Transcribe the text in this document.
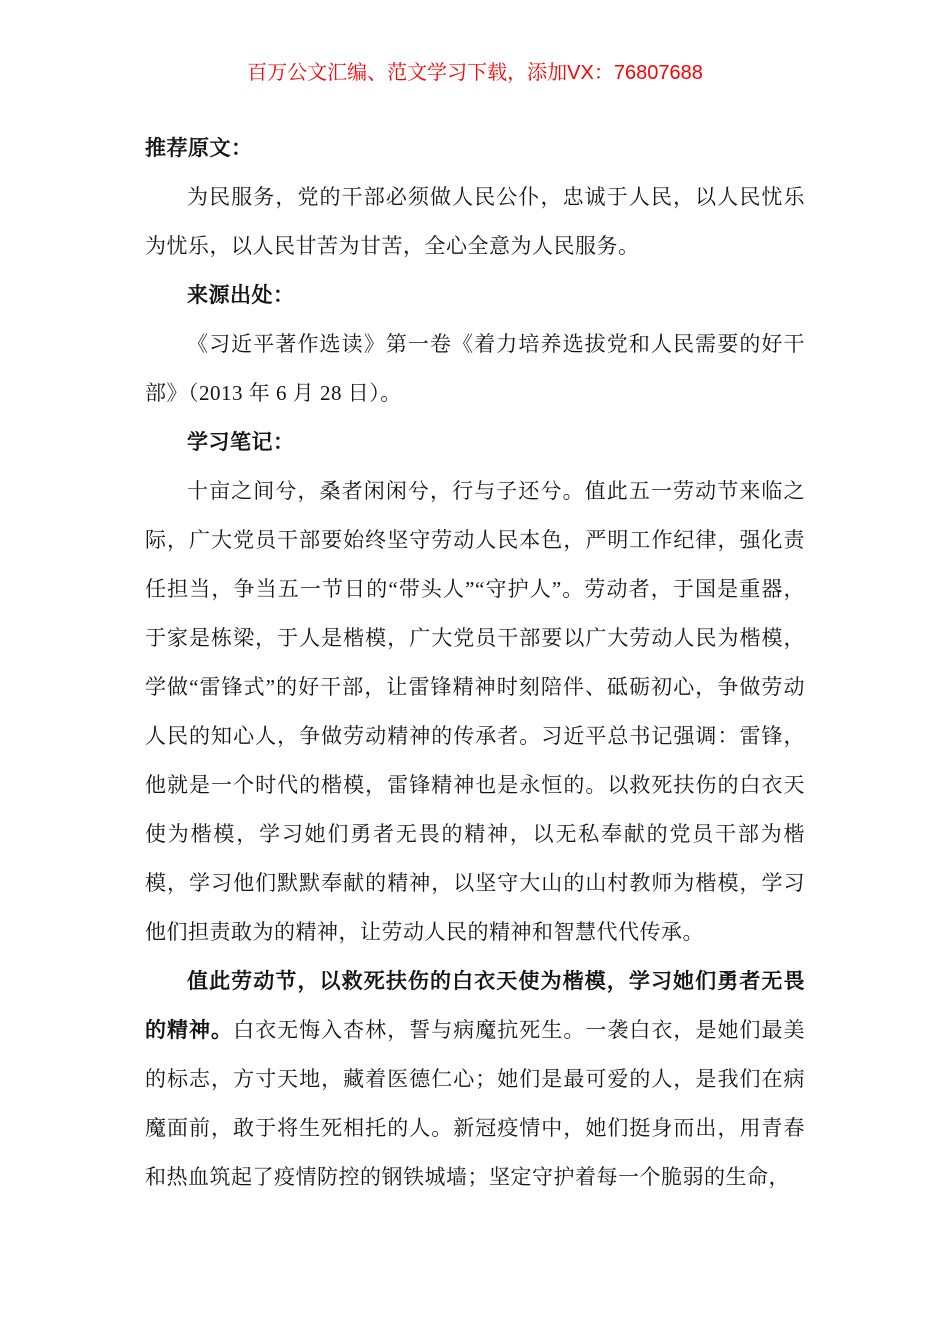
百万公文汇编、范文学习下载，添加VX：76807688

推荐原文：

为民服务，党的干部必须做人民公仆，忠诚于人民，以人民忧乐为忧乐，以人民甘苦为甘苦，全心全意为人民服务。

来源出处：

《习近平著作选读》第一卷《着力培养选拔党和人民需要的好干部》（2013 年 6 月 28 日）。

学习笔记：

十亩之间兮，桑者闲闲兮，行与子还兮。值此五一劳动节来临之际，广大党员干部要始终坚守劳动人民本色，严明工作纪律，强化责任担当，争当五一节日的“带头人”“守护人”。劳动者，于国是重器，于家是栋梁，于人是楷模，广大党员干部要以广大劳动人民为楷模，学做“雷锋式”的好干部，让雷锋精神时刻陪伴、砥砺初心，争做劳动人民的知心人，争做劳动精神的传承者。习近平总书记强调：雷锋，他就是一个时代的楷模，雷锋精神也是永恒的。以救死扶伤的白衣天使为楷模，学习她们勇者无畏的精神，以无私奉献的党员干部为楷模，学习他们默默奉献的精神，以坚守大山的山村教师为楷模，学习他们担责敢为的精神，让劳动人民的精神和智慧代代传承。

值此劳动节，以救死扶伤的白衣天使为楷模，学习她们勇者无畏的精神。白衣无悔入杏林，誓与病魔抗死生。一袭白衣，是她们最美的标志，方寸天地，藏着医德仁心；她们是最可爱的人，是我们在病魔面前，敢于将生死相托的人。新冠疫情中，她们挺身而出，用青春和热血筑起了疫情防控的钢铁城墙；坚定守护着每一个脆弱的生命，
